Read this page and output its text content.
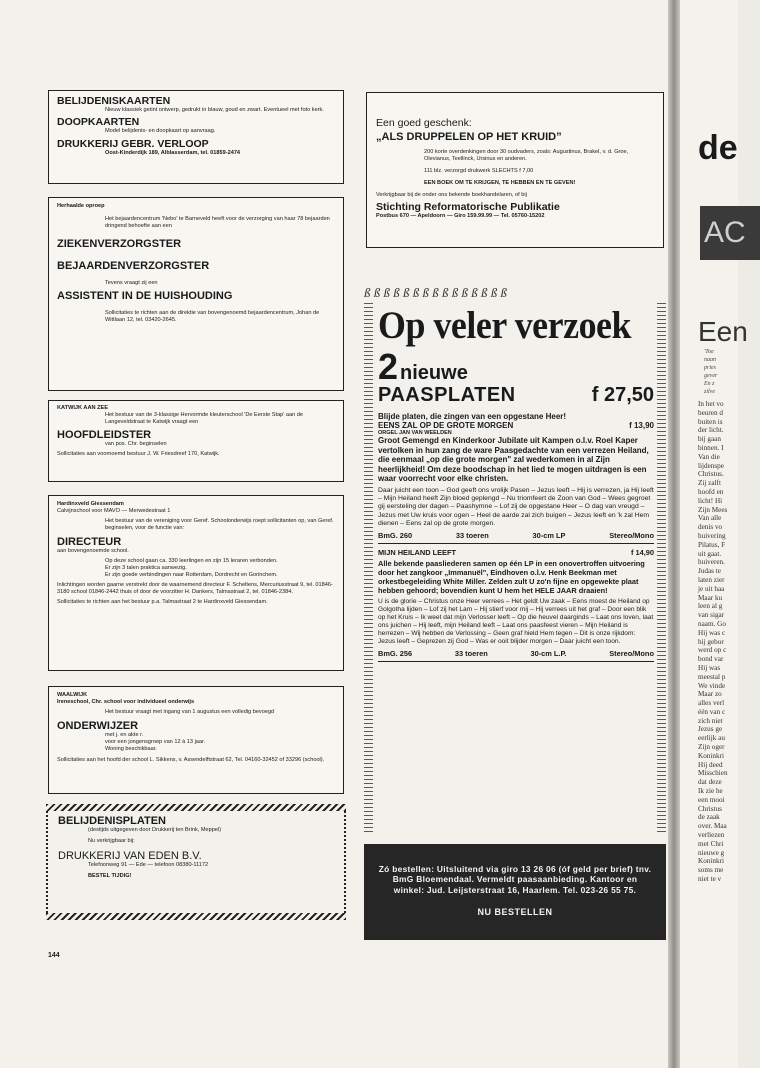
BELIJDENISKAARTEN

Nieuw klassiek getint ontwerp, gedrukt in blauw, goud en zwart. Eventueel met foto kerk.

DOOPKAARTEN

Model belijdenis- en doopkaart op aanvraag.

DRUKKERIJ GEBR. VERLOOP

Oost-Kinderdijk 189, Alblasserdam, tel. 01859-2474

Herhaalde oproep

Het bejaardencentrum 'Nebo' te Barneveld heeft voor de verzorging van haar 78 bejaarden dringend behoefte aan een

ZIEKENVERZORGSTER
BEJAARDENVERZORGSTER

Tevens vraagt zij een

ASSISTENT IN DE HUISHOUDING

Sollicitaties te richten aan de direktie van bovengenoemd bejaardencentrum, Johan de Wittlaan 12, tel. 03420-2645.

KATWIJK AAN ZEE

Het bestuur van de 3-klassige Hervormde kleuterschool 'De Eerste Stap' aan de Langeveldstraat te Katwijk vraagt een

HOOFDLEIDSTER

van pos. Chr. beginselen

Sollicitaties aan voornoemd bestuur J. W. Friesdreef 170, Katwijk.

Hardinxveld Giessendam

Calvijnschool voor MAVO — Merwedestraat 1

Het bestuur van de vereniging voor Geref. Schoolonderwijs roept sollicitanten op, van Geref. beginselen, voor de functie van:

DIRECTEUR

aan bovengenoemde school.

Op deze school gaan ca. 330 leerlingen en zijn 15 leraren verbonden.

Er zijn 3 talen praktica aanwezig.

Er zijn goede verbindingen naar Rotterdam, Dordrecht en Gorinchem.

Inlichtingen worden gaarne verstrekt door de waarnemend directeur F. Scheltens, Mercuriusstraat 9, tel. 01846-3180 school 01846-2442 thuis of door de voorzitter H. Dankers, Talmastraat 2, tel. 01846-2384.

Sollicitaties te richten aan het bestuur p.a. Talmastraat 2 te Hardinxveld Giessendam.

WAALWIJK

Ireneschool, Chr. school voor individueel onderwijs

Het bestuur vraagt met ingang van 1 augustus een volledig bevoegd

ONDERWIJZER

met j. en akte r.

voor een jongensgroep van 12 à 13 jaar.

Woning beschikbaar.

Sollicitaties aan het hoofd der school L. Sikkens, v. Assendelftstraat 62, Tel. 04160-32452 of 33296 (school).

BELIJDENISPLATEN

(destijds uitgegeven door Drukkerij ten Brink, Meppel)

Nu verkrijgbaar bij:

DRUKKERIJ VAN EDEN B.V.

Telefoonweg 91 — Ede — telefoon 08380-11172

BESTEL TIJDIG!

Een goed geschenk:

„ALS DRUPPELEN OP HET KRUID”

200 korte overdenkingen door 30 oudvaders, zoals: Augustinus, Brakel, v. d. Groe, Olevianus, Teellinck, Ursinus en anderen.

111 blz. verzorgd drukwerk SLECHTS f 7,00

EEN BOEK OM TE KRIJGEN, TE HEBBEN EN TE GEVEN!

Verkrijgbaar bij de onder ons bekende boekhandelaren, of bij

Stichting Reformatorische Publikatie

Postbus 670 — Apeldoorn — Giro 159.99.99 — Tel. 05760-15202

ß ß ß ß ß ß ß ß ß ß ß ß ß ß ß
Op veler verzoek
2 nieuwe
PAASPLATEN	f 27,50

Blijde platen, die zingen van een opgestane Heer!

EENS ZAL OP DE GROTE MORGEN	f 13,90

ORGEL JAN VAN WEELDEN

Groot Gemengd en Kinderkoor Jubilate uit Kampen o.l.v. Roel Kaper vertolken in hun zang de ware Paasgedachte van een verrezen Heiland, die eenmaal „op die grote morgen" zal wederkomen in al Zijn heerlijkheid! Om deze boodschap in het lied te mogen uitdragen is een waar voorrecht voor elke christen.

Daar juicht een toon – God geeft ons vrolijk Pasen – Jezus leeft – Hij is verrezen, ja Hij leeft – Mijn Heiland heeft Zijn bloed geplengd – Nu triomfeert de Zoon van God – Wees gegroet gij eersteling der dagen – Paashymne – Lof zij de opgestane Heer – O dag van vreugd – Jezus met Uw kruis voor ogen – Heel de aarde zal zich buigen – Jezus leeft en 'k zal Hem dienen – Eens zal op de grote morgen.

BmG. 260	33 toeren	30-cm LP	Stereo/Mono
MIJN HEILAND LEEFT	f 14,90

Alle bekende paasliederen samen op één LP in een onovertroffen uitvoering door het zangkoor „Immanuël", Eindhoven o.l.v. Henk Beekman met orkestbegeleiding White Miller. Zelden zult U zo'n fijne en opgewekte plaat hebben gehoord; bovendien kunt U hem het HELE JAAR draaien!

U is de glorie – Christus onze Heer verrees – Het geldt Uw zaak – Eens moest de Heiland op Golgotha lijden – Lof zij het Lam – Hij stierf voor mij – Hij verrees uit het graf – Door een blik op het Kruis – Ik weet dat mijn Verlosser leeft – Op die heuvel daarginds – Laat ons loven, laat ons juichen – Hij leeft, mijn Heiland leeft – Laat ons paasfeest vieren – Mijn Heiland is herrezen – Wij hebben de Verlossing – Geen graf hield Hem tegen – Dit is onze rijkdom: Jezus leeft – Geprezen zij God – Was er ooit blijder morgen – Daar juicht een toon.

BmG. 256	33 toeren	30-cm L.P.	Stereo/Mono

Zó bestellen: Uitsluitend via giro 13 26 06 (óf geld per brief) tnv. BmG Bloemendaal. Vermeldt paasaanbieding. Kantoor en winkel: Jud. Leijsterstraat 16, Haarlem. Tel. 023-26 55 75.

NU BESTELLEN

144
de
AC
Een
'Toe
naan
pries
gever
En z
zilve
In het vo
beuren d
buiten is
der licht.
bij gaan
binnen. I
Van die
lijdenspe
Christus.
Zij zalft
hoofd en
licht! Hi
Zijn Mees
Van alle
denis vo
huivering
Pilatus, F
uit gaat.
huiveren.
Judas te
laten zier
je uit haa
Maar ku
leen al g
van sigar
naam. Go
Hij was c
hij gebor
werd op c
bond var
Hij was
meestal p
We vinde
Maar zo
alles verl
één van c
zich niet
Jezus ge
eerlijk au
Zijn oger
Koninkri
Hij deed
Misschien
dat deze
Ik zie he
een mooi
Christus
de zaak
over. Maa
verliezen
met Chri
nieuwe g
Koninkri
soms me
niet te v
